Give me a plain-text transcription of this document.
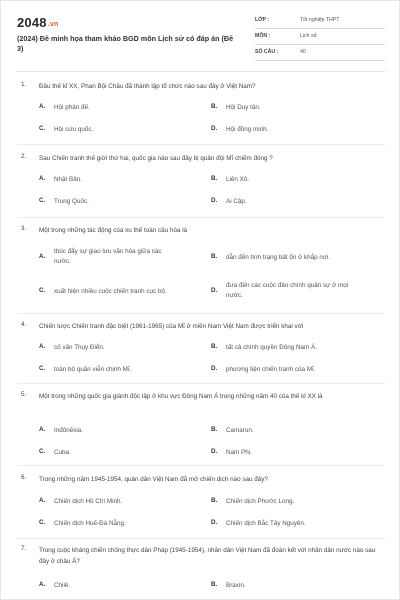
2048.vn
(2024) Đề minh họa tham khảo BGD môn Lịch sử có đáp án (Đề 3)
LỚP :	Tốt nghiệp THPT
MÔN :	Lịch sử
SỐ CÂU :	40
1. Đầu thế kỉ XX, Phan Bội Châu đã thành lập tổ chức nào sau đây ở Việt Nam?
A. Hội phản đế.	B. Hội Duy tân.
C. Hội cứu quốc.	D. Hội đồng minh.
2. Sau Chiến tranh thế giới thứ hai, quốc gia nào sau đây bị quân đội Mĩ chiếm đóng ?
A. Nhật Bản.	B. Liên Xô.
C. Trung Quốc.	D. Ai Cập.
3. Một trong những tác động của xu thế toàn cầu hóa là
A.
thúc đẩy sự giao lưu văn hóa giữa các nước.
B. dẫn đến tình trạng bất ổn ở khắp nơi.
C. xuất hiện nhiều cuộc chiến tranh cục bộ.	D.
đưa đến các cuộc đảo chính quân sự ở mọi nước.
4. Chiến lược Chiến tranh đặc biệt (1961-1965) của Mĩ ở miền Nam Việt Nam được triển khai với
A. cố vấn Thụy Điển.	B. tất cả chính quyền Đông Nam Á.
C. toàn bộ quân viễn chinh Mĩ.	D. phương tiện chiến tranh của Mĩ.
5. Một trong những quốc gia giành độc lập ở khu vực Đông Nam Á trong những năm 40 của thế kỉ XX là
A. Inđônêxia.	B. Camarun.
C. Cuba.	D. Nam Phi.
6. Trong những năm 1945-1954, quân dân Việt Nam đã mở chiến dịch nào sau đây?
A. Chiến dịch Hồ Chí Minh.	B. Chiến dịch Phước Long.
C. Chiến dịch Huế-Đà Nẵng.	D. Chiến dịch Bắc Tây Nguyên.
7. Trong cuộc kháng chiến chống thực dân Pháp (1945-1954), nhân dân Việt Nam đã đoàn kết với nhân dân nước nào sau đây ở châu Á?
A. Chilê.	B. Braxin.
